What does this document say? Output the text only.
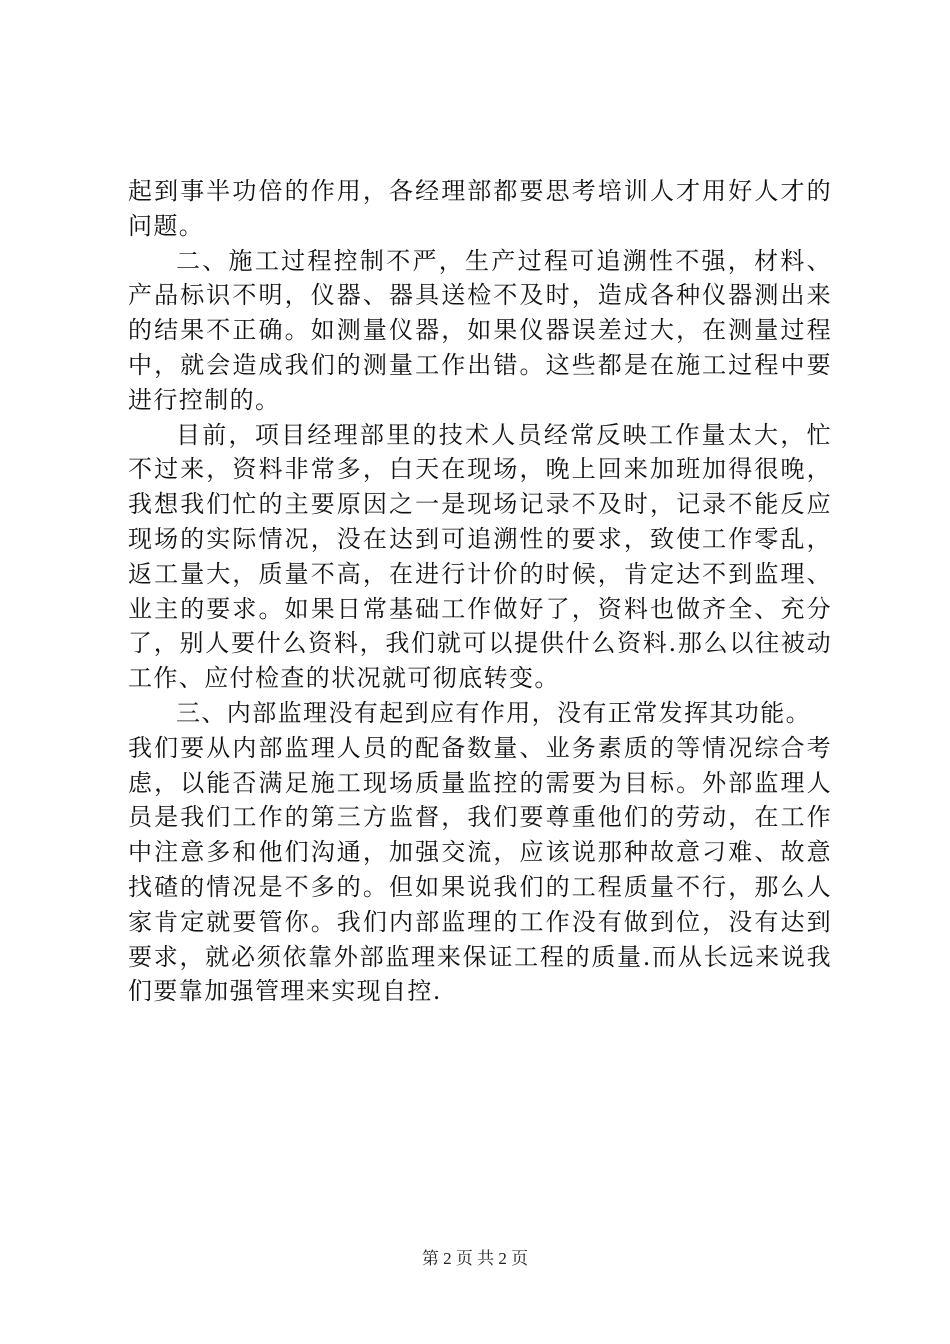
起到事半功倍的作用，各经理部都要思考培训人才用好人才的
问题。
二、施工过程控制不严，生产过程可追溯性不强，材料、
产品标识不明，仪器、器具送检不及时，造成各种仪器测出来
的结果不正确。如测量仪器，如果仪器误差过大，在测量过程
中，就会造成我们的测量工作出错。这些都是在施工过程中要
进行控制的。
目前，项目经理部里的技术人员经常反映工作量太大，忙
不过来，资料非常多，白天在现场，晚上回来加班加得很晚，
我想我们忙的主要原因之一是现场记录不及时，记录不能反应
现场的实际情况，没在达到可追溯性的要求，致使工作零乱，
返工量大，质量不高，在进行计价的时候，肯定达不到监理、
业主的要求。如果日常基础工作做好了，资料也做齐全、充分
了，别人要什么资料，我们就可以提供什么资料.那么以往被动
工作、应付检查的状况就可彻底转变。
三、内部监理没有起到应有作用，没有正常发挥其功能。
我们要从内部监理人员的配备数量、业务素质的等情况综合考
虑，以能否满足施工现场质量监控的需要为目标。外部监理人
员是我们工作的第三方监督，我们要尊重他们的劳动，在工作
中注意多和他们沟通，加强交流，应该说那种故意刁难、故意
找碴的情况是不多的。但如果说我们的工程质量不行，那么人
家肯定就要管你。我们内部监理的工作没有做到位，没有达到
要求，就必须依靠外部监理来保证工程的质量.而从长远来说我
们要靠加强管理来实现自控.
第 2 页 共 2 页
